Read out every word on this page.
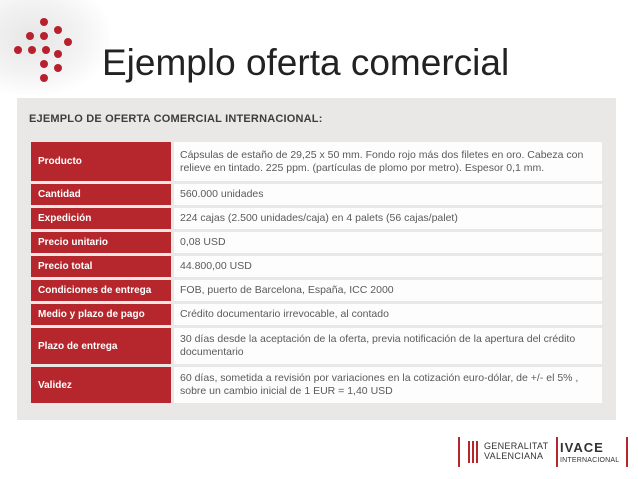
Ejemplo oferta comercial
EJEMPLO DE OFERTA COMERCIAL INTERNACIONAL:
Producto	Cápsulas de estaño de 29,25 x 50 mm. Fondo rojo más dos filetes en oro. Cabeza con relieve en tintado. 225 ppm. (partículas de plomo por metro). Espesor 0,1 mm.
Cantidad	560.000 unidades
Expedición	224 cajas (2.500 unidades/caja) en 4 palets (56 cajas/palet)
Precio unitario	0,08 USD
Precio total	44.800,00 USD
Condiciones de entrega	FOB, puerto de Barcelona, España, ICC 2000
Medio y plazo de pago	Crédito documentario irrevocable, al contado
Plazo de entrega	30 días desde la aceptación de la oferta, previa notificación de la apertura del crédito documentario
Validez	60 días, sometida a revisión por variaciones en la cotización euro-dólar, de +/- el 5% , sobre un cambio inicial de 1 EUR = 1,40 USD
GENERALITAT
VALENCIANA
IVACE
INTERNACIONAL
